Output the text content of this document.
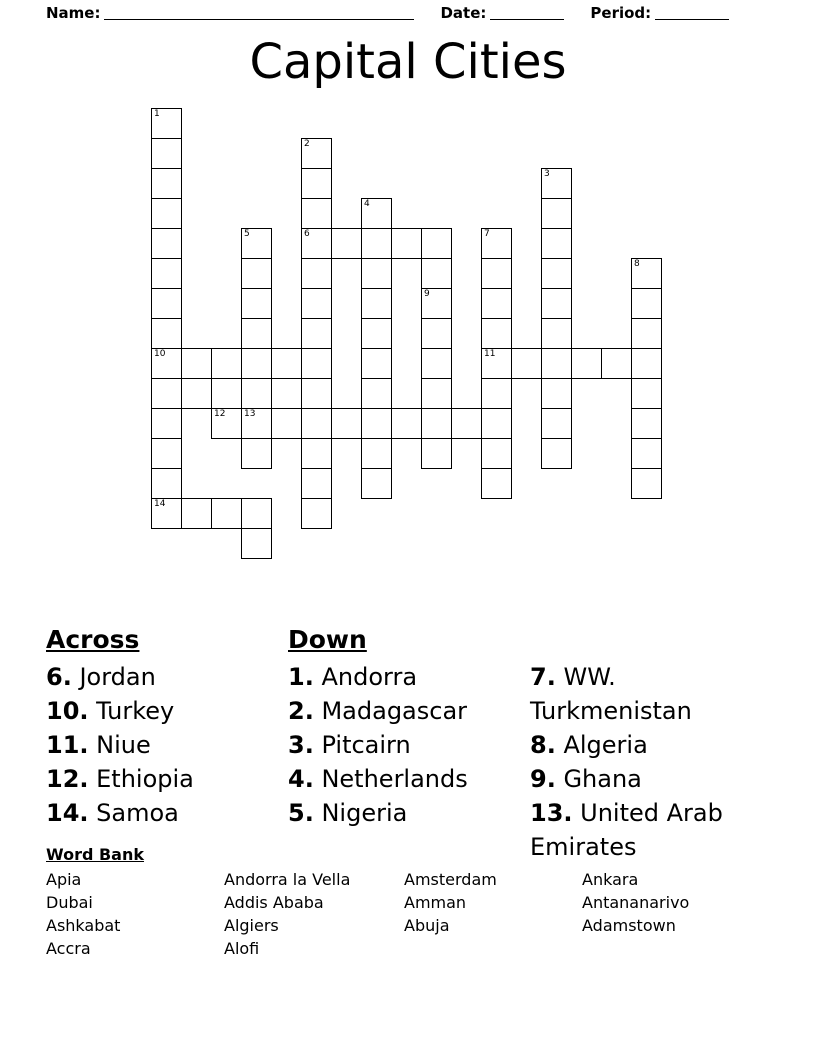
Name:	Date:	Period:
Capital Cities
1
10
14
12 13
5
2
6
4
9
7
11
3
8
Across

6. Jordan

10. Turkey

11. Niue

12. Ethiopia

14. Samoa

Down

1. Andorra

2. Madagascar

3. Pitcairn

4. Netherlands

5. Nigeria

7. WW. Turkmenistan

8. Algeria

9. Ghana

13. United Arab Emirates

Word Bank
Apia
Dubai
Ashkabat
Accra
Andorra la Vella
Addis Ababa
Algiers
Alofi
Amsterdam
Amman
Abuja
Ankara
Antananarivo
Adamstown
